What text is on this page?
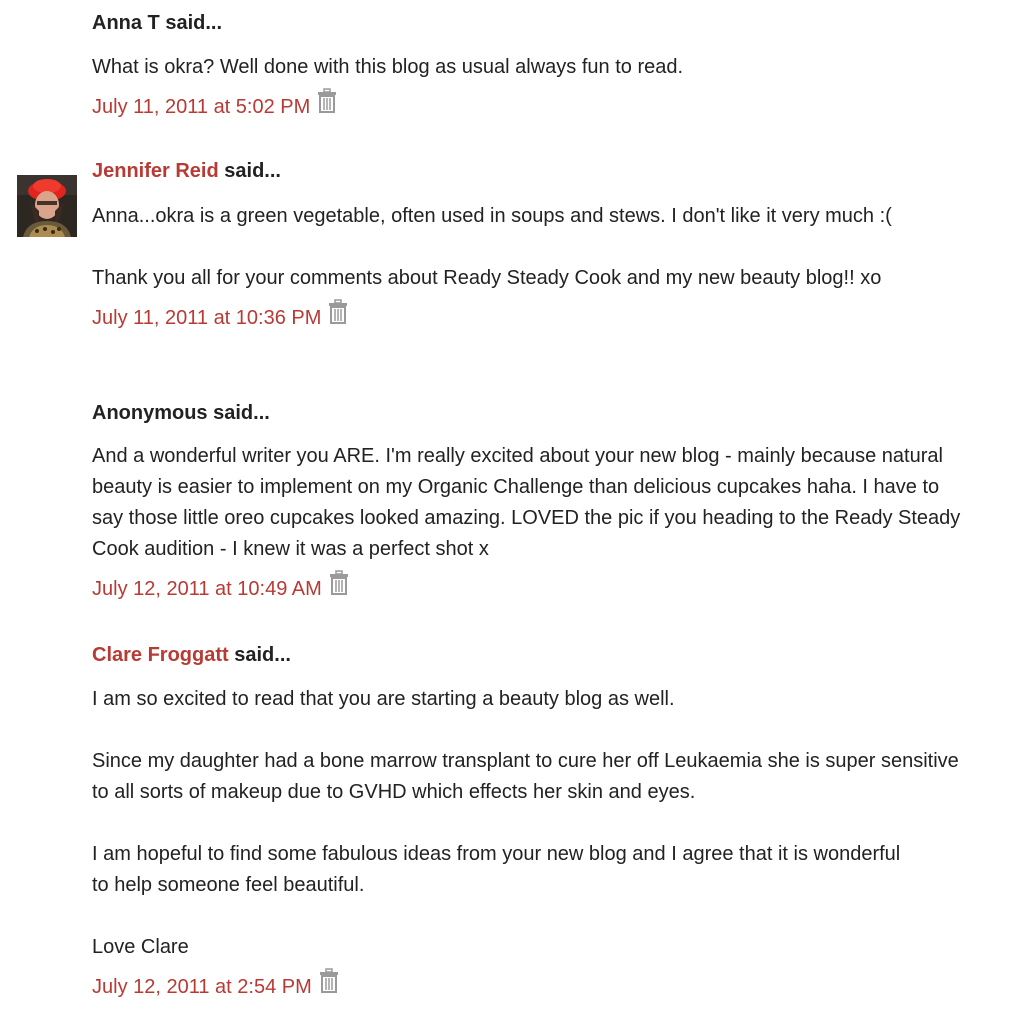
Anna T said...

What is okra? Well done with this blog as usual always fun to read.

July 11, 2011 at 5:02 PM
Jennifer Reid said...

Anna...okra is a green vegetable, often used in soups and stews. I don't like it very much :(

Thank you all for your comments about Ready Steady Cook and my new beauty blog!! xo

July 11, 2011 at 10:36 PM
Anonymous said...

And a wonderful writer you ARE. I'm really excited about your new blog - mainly because natural beauty is easier to implement on my Organic Challenge than delicious cupcakes haha. I have to say those little oreo cupcakes looked amazing. LOVED the pic if you heading to the Ready Steady Cook audition - I knew it was a perfect shot x

July 12, 2011 at 10:49 AM
Clare Froggatt said...

I am so excited to read that you are starting a beauty blog as well.

Since my daughter had a bone marrow transplant to cure her off Leukaemia she is super sensitive to all sorts of makeup due to GVHD which effects her skin and eyes.

I am hopeful to find some fabulous ideas from your new blog and I agree that it is wonderful to help someone feel beautiful.

Love Clare

July 12, 2011 at 2:54 PM
